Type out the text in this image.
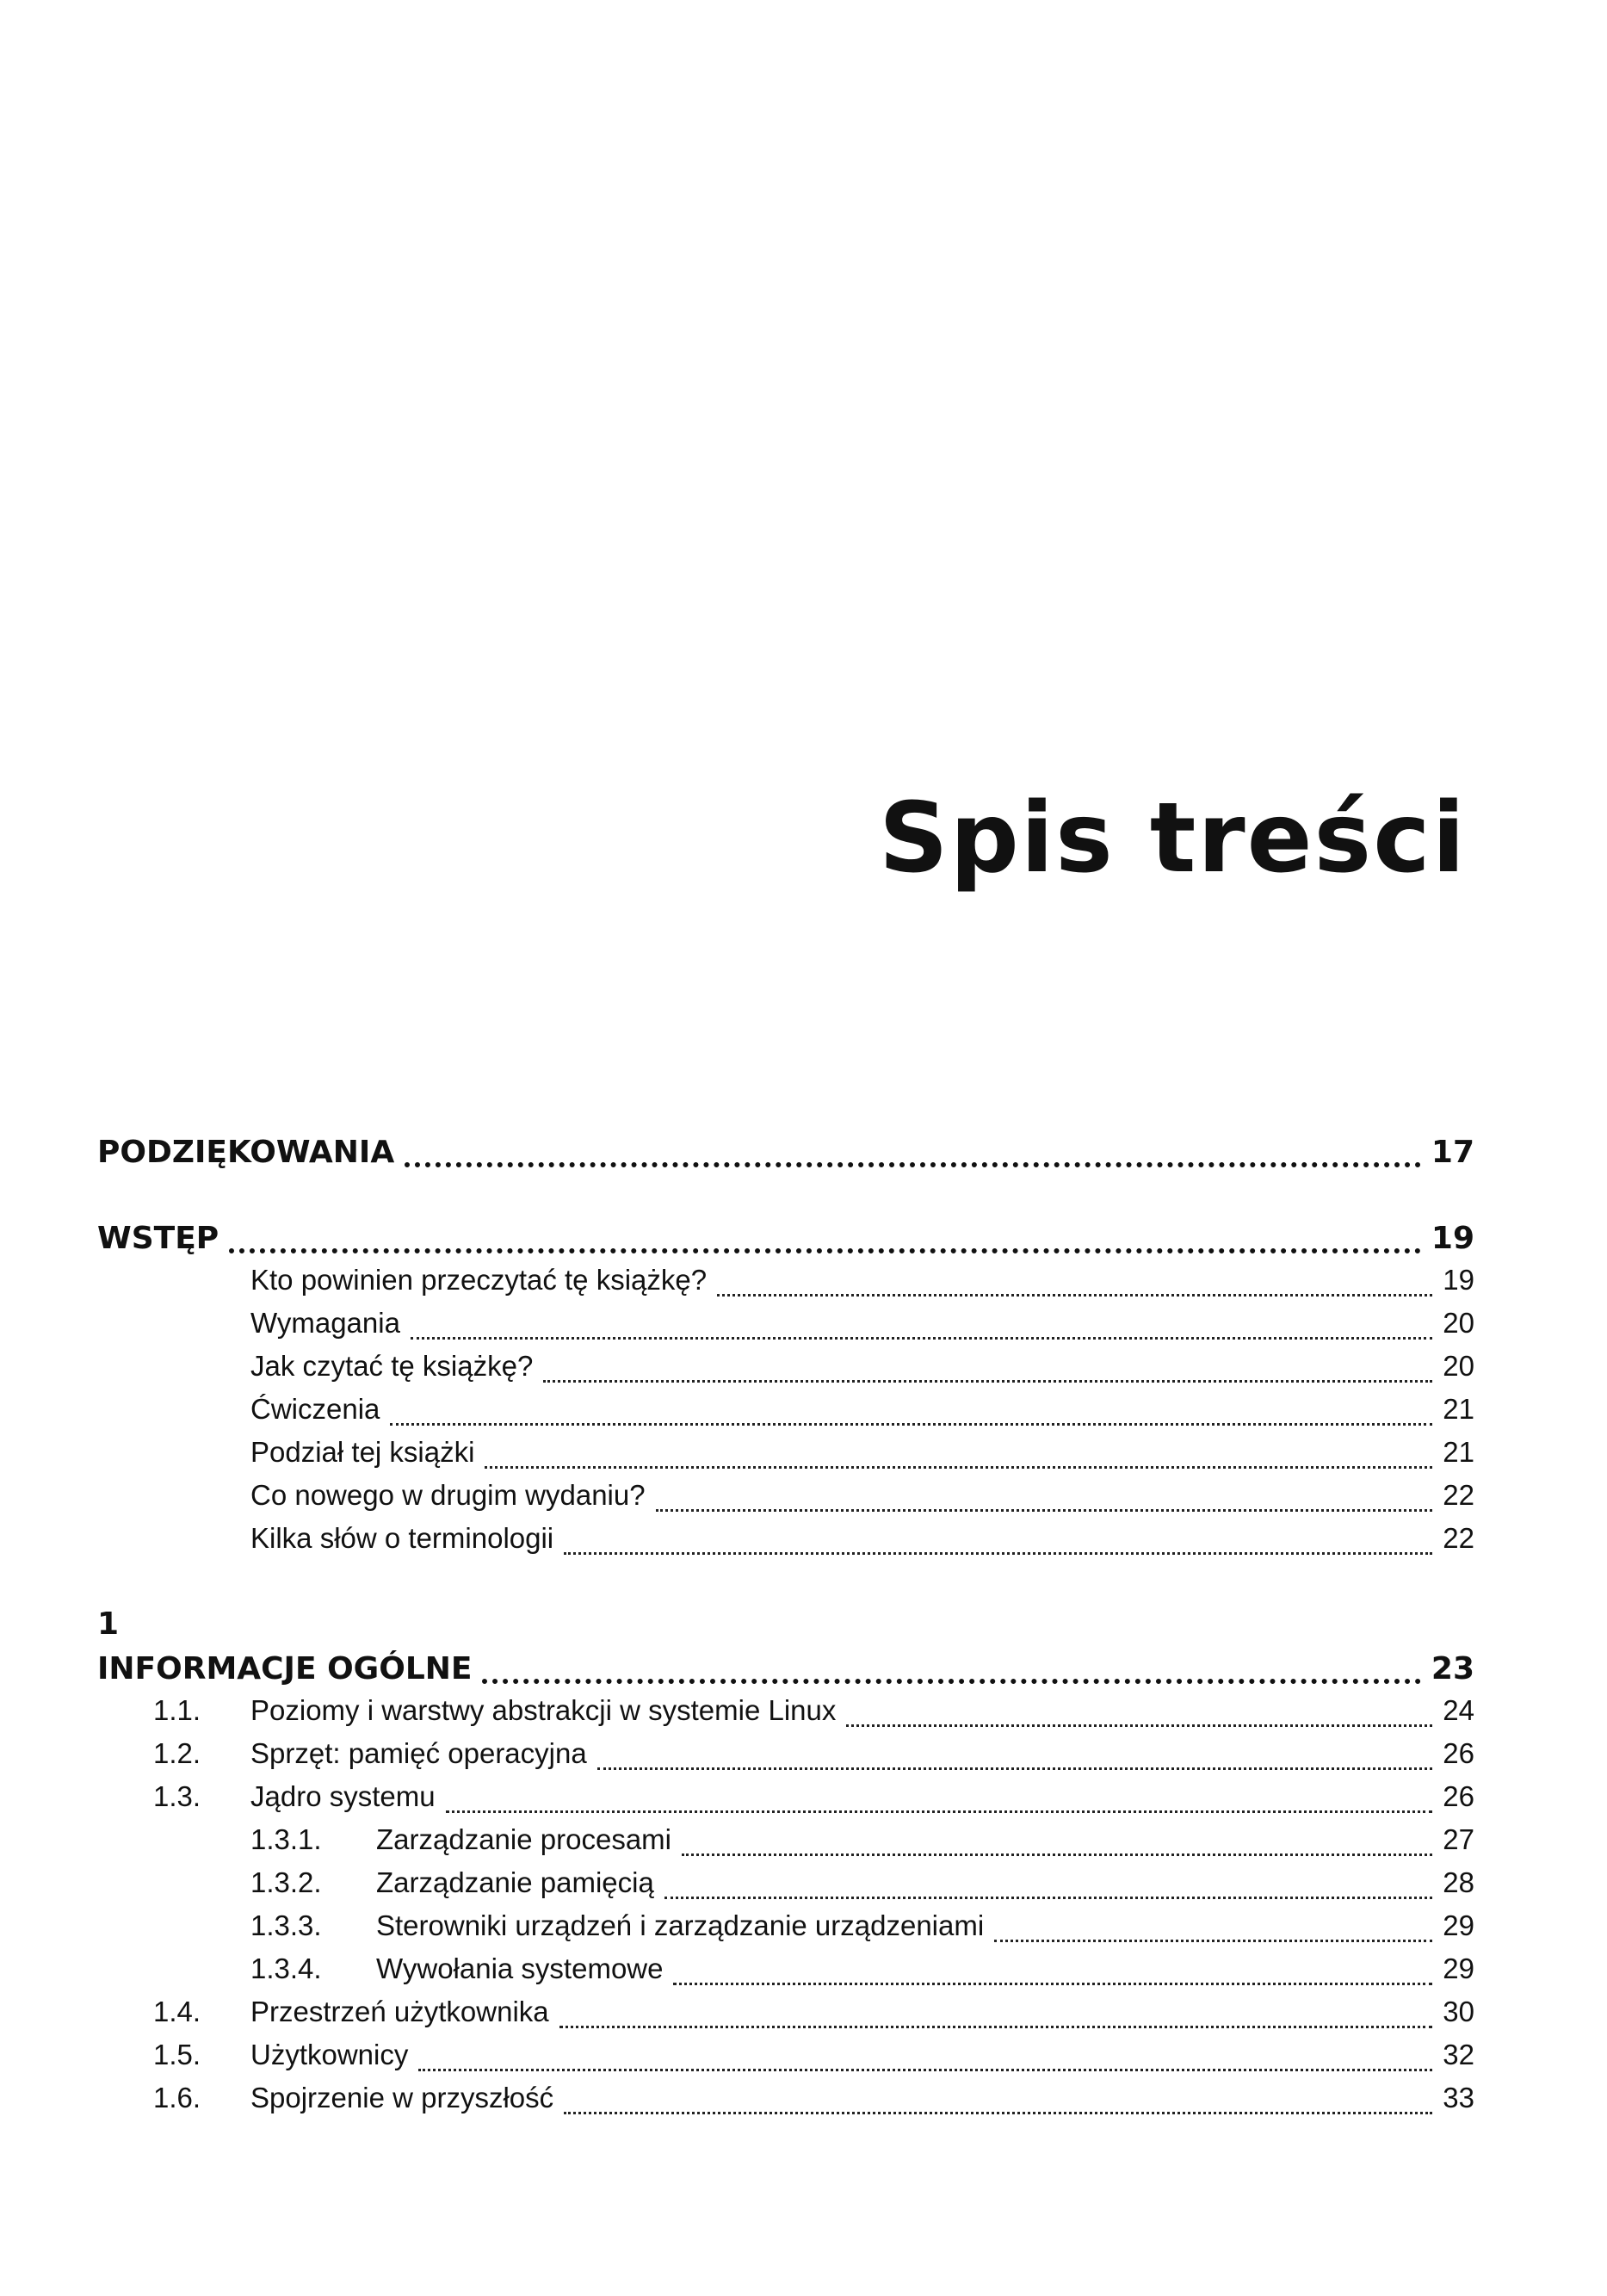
Spis treści
PODZIĘKOWANIA	17
WSTĘP	19
Kto powinien przeczytać tę książkę?	19
Wymagania	20
Jak czytać tę książkę?	20
Ćwiczenia	21
Podział tej książki	21
Co nowego w drugim wydaniu?	22
Kilka słów o terminologii	22
1
INFORMACJE OGÓLNE	23
1.1.	Poziomy i warstwy abstrakcji w systemie Linux	24
1.2.	Sprzęt: pamięć operacyjna	26
1.3.	Jądro systemu	26
1.3.1.	Zarządzanie procesami	27
1.3.2.	Zarządzanie pamięcią	28
1.3.3.	Sterowniki urządzeń i zarządzanie urządzeniami	29
1.3.4.	Wywołania systemowe	29
1.4.	Przestrzeń użytkownika	30
1.5.	Użytkownicy	32
1.6.	Spojrzenie w przyszłość	33
